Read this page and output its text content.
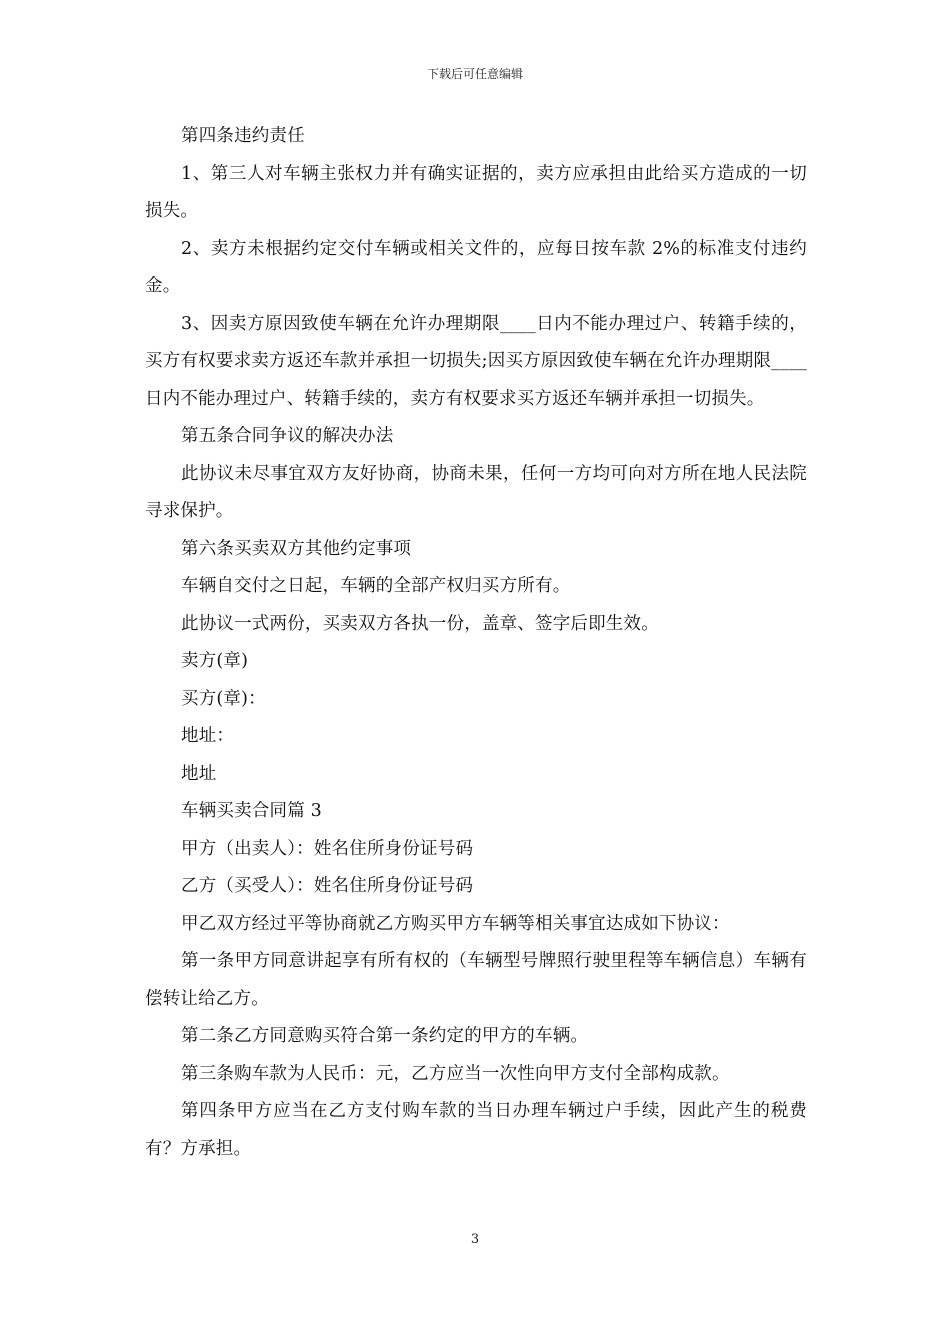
下载后可任意编辑

第四条违约责任

1、第三人对车辆主张权力并有确实证据的，卖方应承担由此给买方造成的一切损失。

2、卖方未根据约定交付车辆或相关文件的，应每日按车款 2%的标准支付违约金。

3、因卖方原因致使车辆在允许办理期限____日内不能办理过户、转籍手续的，买方有权要求卖方返还车款并承担一切损失;因买方原因致使车辆在允许办理期限____日内不能办理过户、转籍手续的，卖方有权要求买方返还车辆并承担一切损失。

第五条合同争议的解决办法

此协议未尽事宜双方友好协商，协商未果，任何一方均可向对方所在地人民法院寻求保护。

第六条买卖双方其他约定事项

车辆自交付之日起，车辆的全部产权归买方所有。

此协议一式两份，买卖双方各执一份，盖章、签字后即生效。

卖方(章)

买方(章)：

地址：

地址

车辆买卖合同篇 3

甲方（出卖人）：姓名住所身份证号码

乙方（买受人）：姓名住所身份证号码

甲乙双方经过平等协商就乙方购买甲方车辆等相关事宜达成如下协议：

第一条甲方同意讲起享有所有权的（车辆型号牌照行驶里程等车辆信息）车辆有偿转让给乙方。

第二条乙方同意购买符合第一条约定的甲方的车辆。

第三条购车款为人民币：元，乙方应当一次性向甲方支付全部构成款。

第四条甲方应当在乙方支付购车款的当日办理车辆过户手续，因此产生的税费有？方承担。

3
